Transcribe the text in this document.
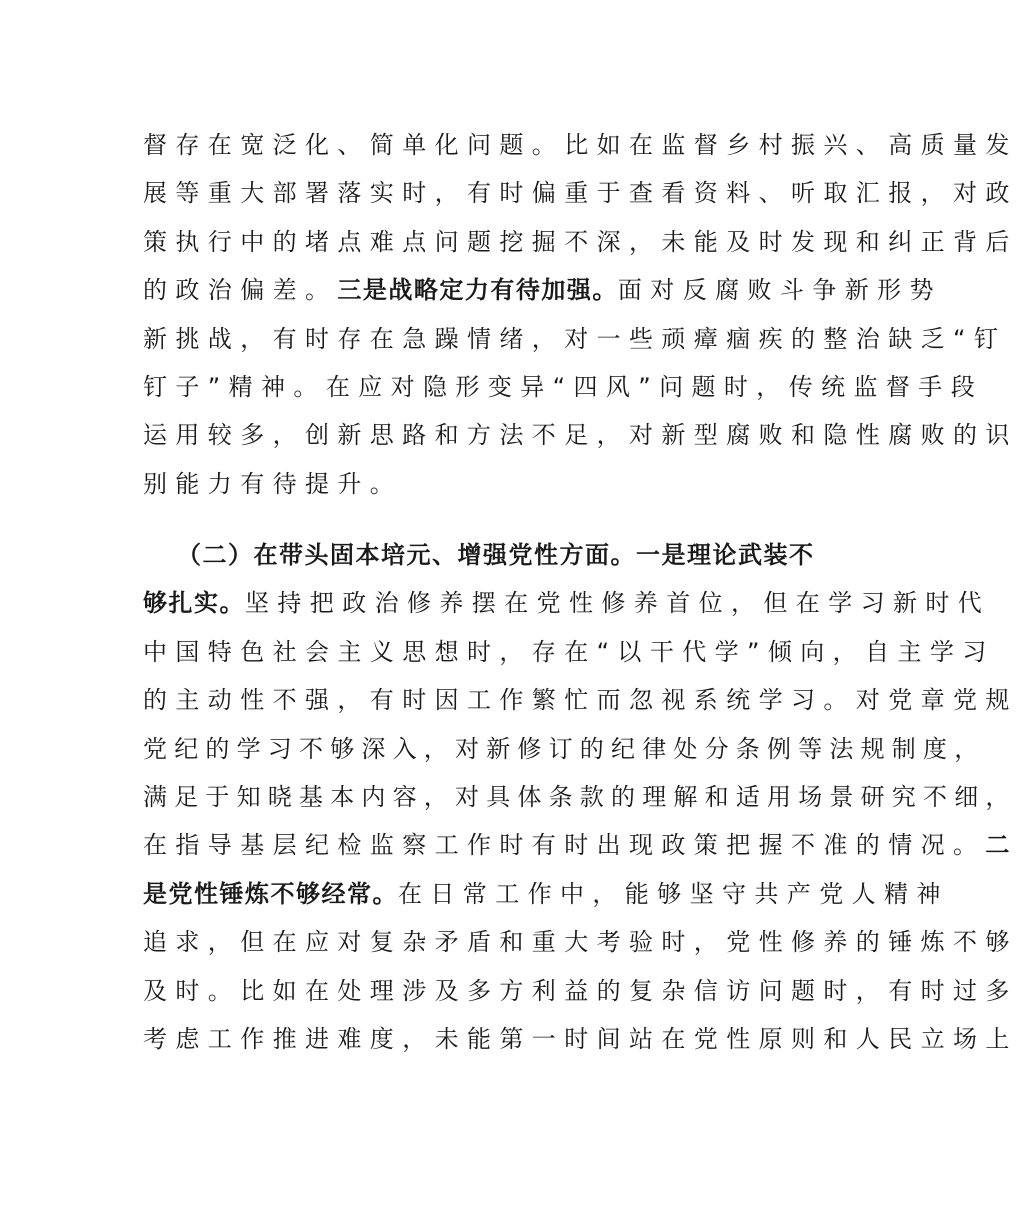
督存在宽泛化、简单化问题。比如在监督乡村振兴、高质量发
展等重大部署落实时，有时偏重于查看资料、听取汇报，对政
策执行中的堵点难点问题挖掘不深，未能及时发现和纠正背后
的政治偏差。三是战略定力有待加强。面对反腐败斗争新形势
新挑战，有时存在急躁情绪，对一些顽瘴痼疾的整治缺乏“钉
钉子”精神。在应对隐形变异“四风”问题时，传统监督手段
运用较多，创新思路和方法不足，对新型腐败和隐性腐败的识
别能力有待提升。
（二）在带头固本培元、增强党性方面。一是理论武装不
够扎实。坚持把政治修养摆在党性修养首位，但在学习新时代
中国特色社会主义思想时，存在“以干代学”倾向，自主学习
的主动性不强，有时因工作繁忙而忽视系统学习。对党章党规
党纪的学习不够深入，对新修订的纪律处分条例等法规制度，
满足于知晓基本内容，对具体条款的理解和适用场景研究不细，
在指导基层纪检监察工作时有时出现政策把握不准的情况。二
是党性锤炼不够经常。在日常工作中，能够坚守共产党人精神
追求，但在应对复杂矛盾和重大考验时，党性修养的锤炼不够
及时。比如在处理涉及多方利益的复杂信访问题时，有时过多
考虑工作推进难度，未能第一时间站在党性原则和人民立场上
